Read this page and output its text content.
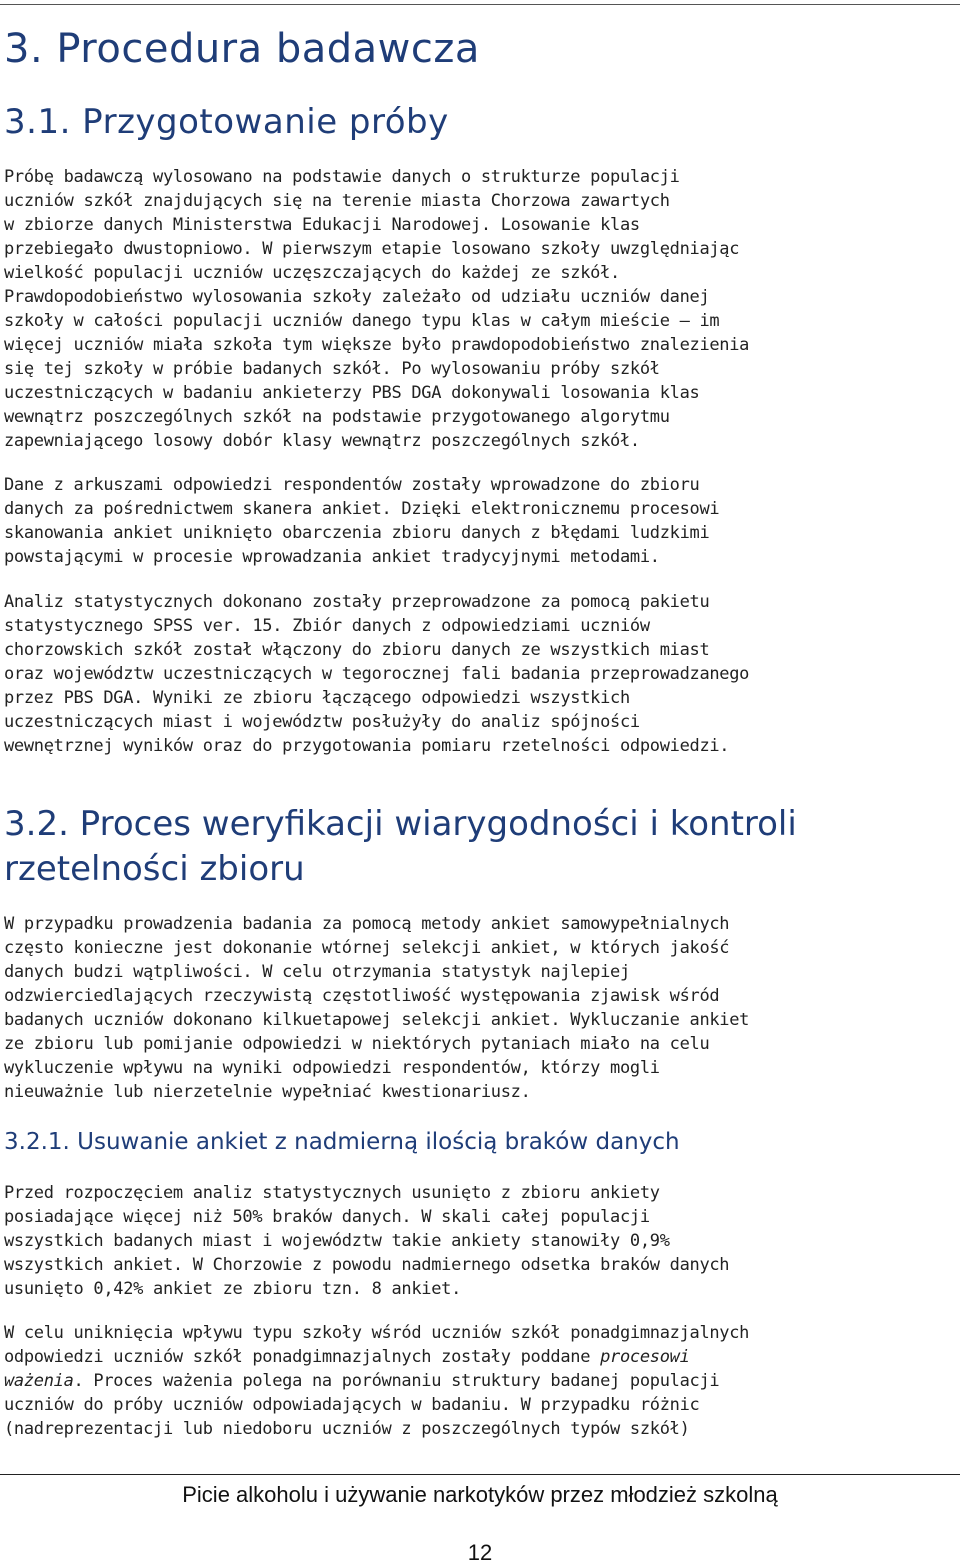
3. Procedura badawcza
3.1. Przygotowanie próby

Próbę badawczą wylosowano na podstawie danych o strukturze populacji
uczniów szkół znajdujących się na terenie miasta Chorzowa zawartych
w zbiorze danych Ministerstwa Edukacji Narodowej. Losowanie klas
przebiegało dwustopniowo. W pierwszym etapie losowano szkoły uwzględniając
wielkość populacji uczniów uczęszczających do każdej ze szkół.
Prawdopodobieństwo wylosowania szkoły zależało od udziału uczniów danej
szkoły w całości populacji uczniów danego typu klas w całym mieście – im
więcej uczniów miała szkoła tym większe było prawdopodobieństwo znalezienia
się tej szkoły w próbie badanych szkół. Po wylosowaniu próby szkół
uczestniczących w badaniu ankieterzy PBS DGA dokonywali losowania klas
wewnątrz poszczególnych szkół na podstawie przygotowanego algorytmu
zapewniającego losowy dobór klasy wewnątrz poszczególnych szkół.

Dane z arkuszami odpowiedzi respondentów zostały wprowadzone do zbioru
danych za pośrednictwem skanera ankiet. Dzięki elektronicznemu procesowi
skanowania ankiet uniknięto obarczenia zbioru danych z błędami ludzkimi
powstającymi w procesie wprowadzania ankiet tradycyjnymi metodami.

Analiz statystycznych dokonano zostały przeprowadzone za pomocą pakietu
statystycznego SPSS ver. 15. Zbiór danych z odpowiedziami uczniów
chorzowskich szkół został włączony do zbioru danych ze wszystkich miast
oraz województw uczestniczących w tegorocznej fali badania przeprowadzanego
przez PBS DGA. Wyniki ze zbioru łączącego odpowiedzi wszystkich
uczestniczących miast i województw posłużyły do analiz spójności
wewnętrznej wyników oraz do przygotowania pomiaru rzetelności odpowiedzi.

3.2. Proces weryfikacji wiarygodności i kontroli
rzetelności zbioru

W przypadku prowadzenia badania za pomocą metody ankiet samowypełnialnych
często konieczne jest dokonanie wtórnej selekcji ankiet, w których jakość
danych budzi wątpliwości. W celu otrzymania statystyk najlepiej
odzwierciedlających rzeczywistą częstotliwość występowania zjawisk wśród
badanych uczniów dokonano kilkuetapowej selekcji ankiet. Wykluczanie ankiet
ze zbioru lub pomijanie odpowiedzi w niektórych pytaniach miało na celu
wykluczenie wpływu na wyniki odpowiedzi respondentów, którzy mogli
nieuważnie lub nierzetelnie wypełniać kwestionariusz.

3.2.1. Usuwanie ankiet z nadmierną ilością braków danych

Przed rozpoczęciem analiz statystycznych usunięto z zbioru ankiety
posiadające więcej niż 50% braków danych. W skali całej populacji
wszystkich badanych miast i województw takie ankiety stanowiły 0,9%
wszystkich ankiet. W Chorzowie z powodu nadmiernego odsetka braków danych
usunięto 0,42% ankiet ze zbioru tzn. 8 ankiet.

W celu uniknięcia wpływu typu szkoły wśród uczniów szkół ponadgimnazjalnych
odpowiedzi uczniów szkół ponadgimnazjalnych zostały poddane procesowi
ważenia. Proces ważenia polega na porównaniu struktury badanej populacji
uczniów do próby uczniów odpowiadających w badaniu. W przypadku różnic
(nadreprezentacji lub niedoboru uczniów z poszczególnych typów szkół)

Picie alkoholu i używanie narkotyków przez młodzież szkolną

12
